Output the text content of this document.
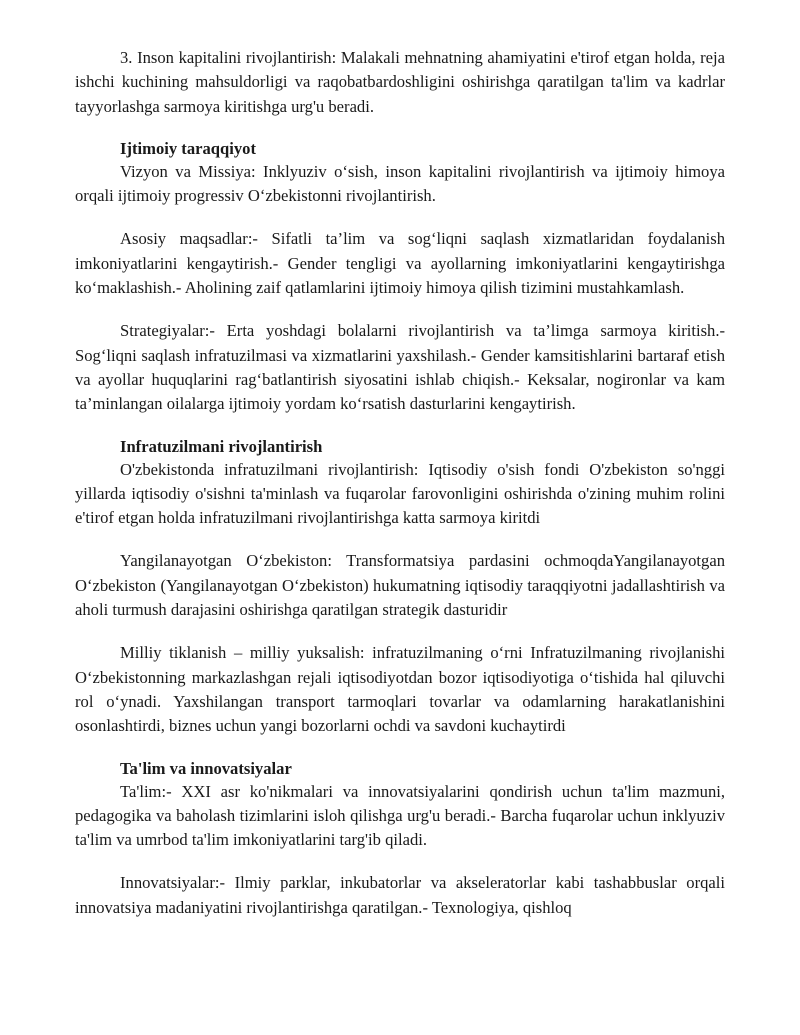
3. Inson kapitalini rivojlantirish: Malakali mehnatning ahamiyatini e'tirof etgan holda, reja ishchi kuchining mahsuldorligi va raqobatbardoshligini oshirishga qaratilgan ta'lim va kadrlar tayyorlashga sarmoya kiritishga urg'u beradi.

Ijtimoiy taraqqiyot

Vizyon va Missiya: Inklyuziv oʻsish, inson kapitalini rivojlantirish va ijtimoiy himoya orqali ijtimoiy progressiv Oʻzbekistonni rivojlantirish.

Asosiy maqsadlar:- Sifatli ta’lim va sogʻliqni saqlash xizmatlaridan foydalanish imkoniyatlarini kengaytirish.- Gender tengligi va ayollarning imkoniyatlarini kengaytirishga koʻmaklashish.- Aholining zaif qatlamlarini ijtimoiy himoya qilish tizimini mustahkamlash.

Strategiyalar:- Erta yoshdagi bolalarni rivojlantirish va ta’limga sarmoya kiritish.- Sogʻliqni saqlash infratuzilmasi va xizmatlarini yaxshilash.- Gender kamsitishlarini bartaraf etish va ayollar huquqlarini ragʻbatlantirish siyosatini ishlab chiqish.- Keksalar, nogironlar va kam ta’minlangan oilalarga ijtimoiy yordam koʻrsatish dasturlarini kengaytirish.

Infratuzilmani rivojlantirish

O'zbekistonda infratuzilmani rivojlantirish: Iqtisodiy o'sish fondi O'zbekiston so'nggi yillarda iqtisodiy o'sishni ta'minlash va fuqarolar farovonligini oshirishda o'zining muhim rolini e'tirof etgan holda infratuzilmani rivojlantirishga katta sarmoya kiritdi

Yangilanayotgan Oʻzbekiston: Transformatsiya pardasini ochmoqdaYangilanayotgan Oʻzbekiston (Yangilanayotgan Oʻzbekiston) hukumatning iqtisodiy taraqqiyotni jadallashtirish va aholi turmush darajasini oshirishga qaratilgan strategik dasturidir

Milliy tiklanish – milliy yuksalish: infratuzilmaning oʻrni Infratuzilmaning rivojlanishi Oʻzbekistonning markazlashgan rejali iqtisodiyotdan bozor iqtisodiyotiga oʻtishida hal qiluvchi rol oʻynadi. Yaxshilangan transport tarmoqlari tovarlar va odamlarning harakatlanishini osonlashtirdi, biznes uchun yangi bozorlarni ochdi va savdoni kuchaytirdi

Ta'lim va innovatsiyalar

Ta'lim:- XXI asr ko'nikmalari va innovatsiyalarini qondirish uchun ta'lim mazmuni, pedagogika va baholash tizimlarini isloh qilishga urg'u beradi.- Barcha fuqarolar uchun inklyuziv ta'lim va umrbod ta'lim imkoniyatlarini targ'ib qiladi.

Innovatsiyalar:- Ilmiy parklar, inkubatorlar va akseleratorlar kabi tashabbuslar orqali innovatsiya madaniyatini rivojlantirishga qaratilgan.- Texnologiya, qishloq
